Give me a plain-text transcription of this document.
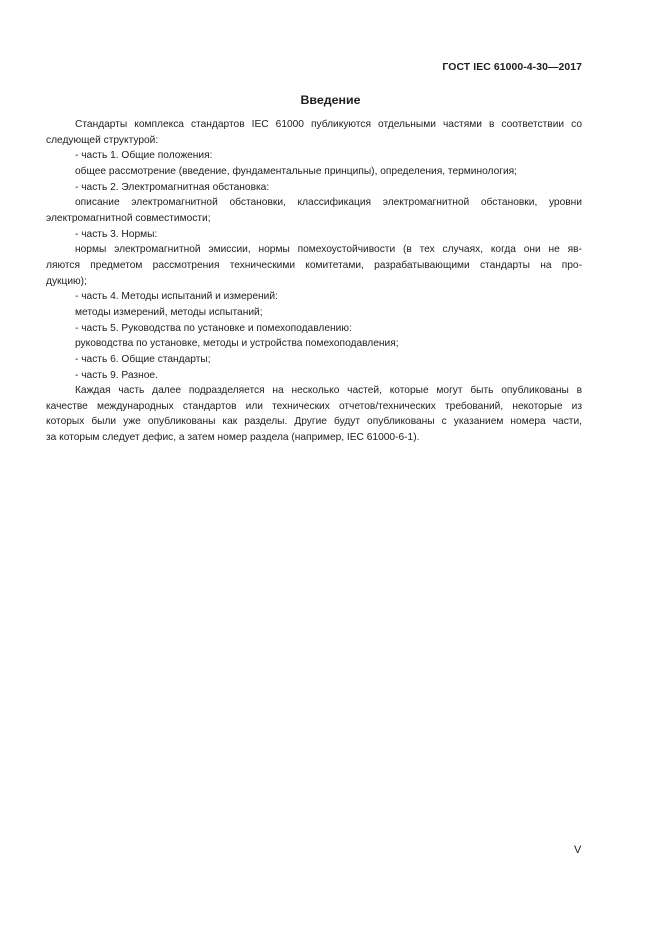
ГОСТ IEC 61000-4-30—2017
Введение
Стандарты комплекса стандартов IEC 61000 публикуются отдельными частями в соответствии со
следующей структурой:
- часть 1. Общие положения:
общее рассмотрение (введение, фундаментальные принципы), определения, терминология;
- часть 2. Электромагнитная обстановка:
описание электромагнитной обстановки, классификация электромагнитной обстановки, уровни
электромагнитной совместимости;
- часть 3. Нормы:
нормы электромагнитной эмиссии, нормы помехоустойчивости (в тех случаях, когда они не яв-
ляются предметом рассмотрения техническими комитетами, разрабатывающими стандарты на про-
дукцию);
- часть 4. Методы испытаний и измерений:
методы измерений, методы испытаний;
- часть 5. Руководства по установке и помехоподавлению:
руководства по установке, методы и устройства помехоподавления;
- часть 6. Общие стандарты;
- часть 9. Разное.
Каждая часть далее подразделяется на несколько частей, которые могут быть опубликованы в
качестве международных стандартов или технических отчетов/технических требований, некоторые из
которых были уже опубликованы как разделы. Другие будут опубликованы с указанием номера части,
за которым следует дефис, а затем номер раздела (например, IEC 61000-6-1).
V
